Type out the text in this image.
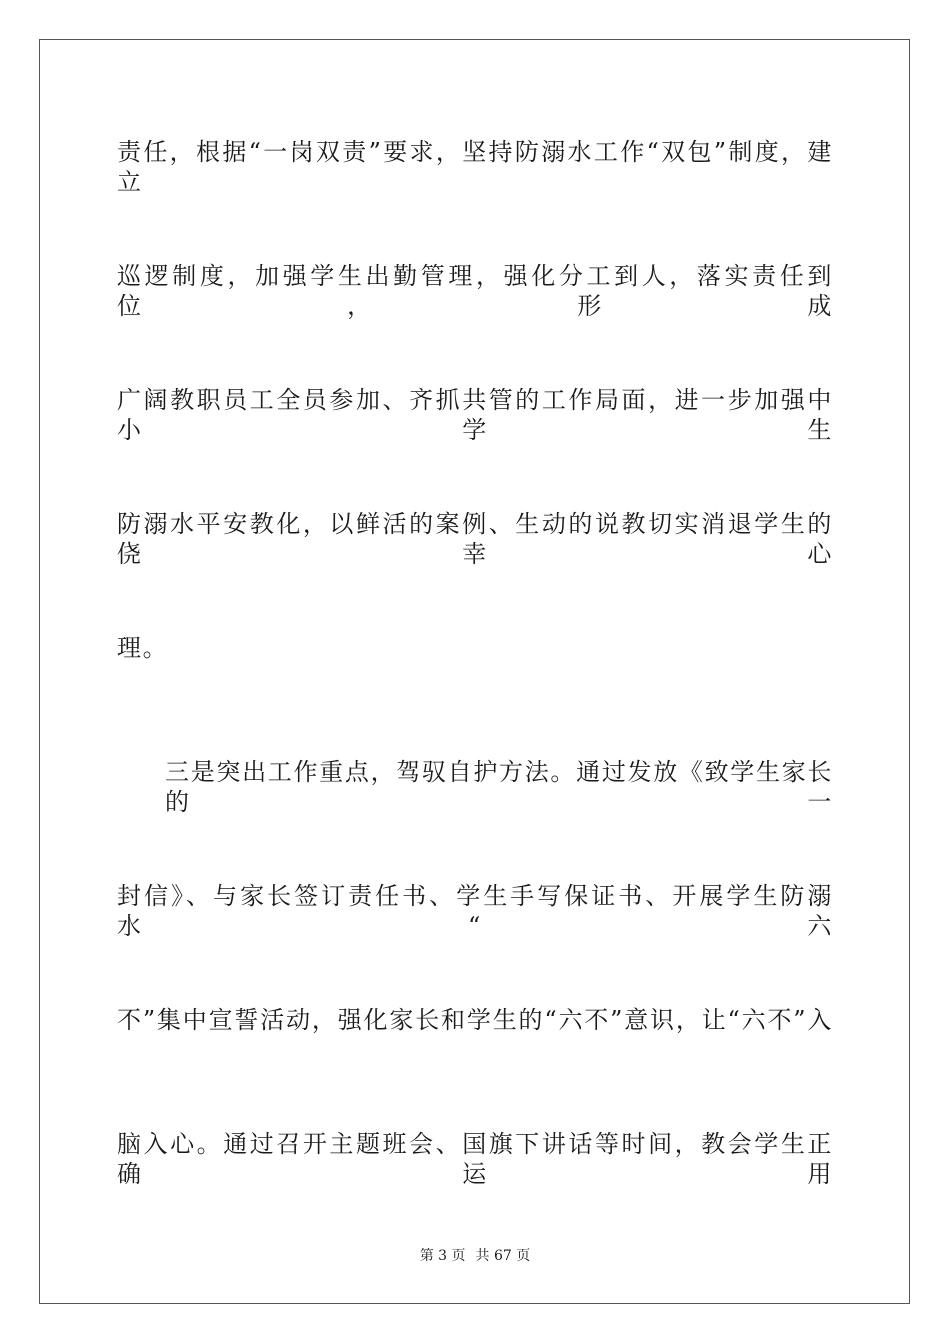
责任，根据“一岗双责”要求，坚持防溺水工作“双包”制度，建立
巡逻制度，加强学生出勤管理，强化分工到人，落实责任到位，形成
广阔教职员工全员参加、齐抓共管的工作局面，进一步加强中小学生
防溺水平安教化，以鲜活的案例、生动的说教切实消退学生的侥幸心
理。
三是突出工作重点，驾驭自护方法。通过发放《致学生家长的一
封信》、与家长签订责任书、学生手写保证书、开展学生防溺水“六
不”集中宣誓活动，强化家长和学生的“六不”意识，让“六不”入
脑入心。通过召开主题班会、国旗下讲话等时间，教会学生正确运用
第 3 页 共 67 页
